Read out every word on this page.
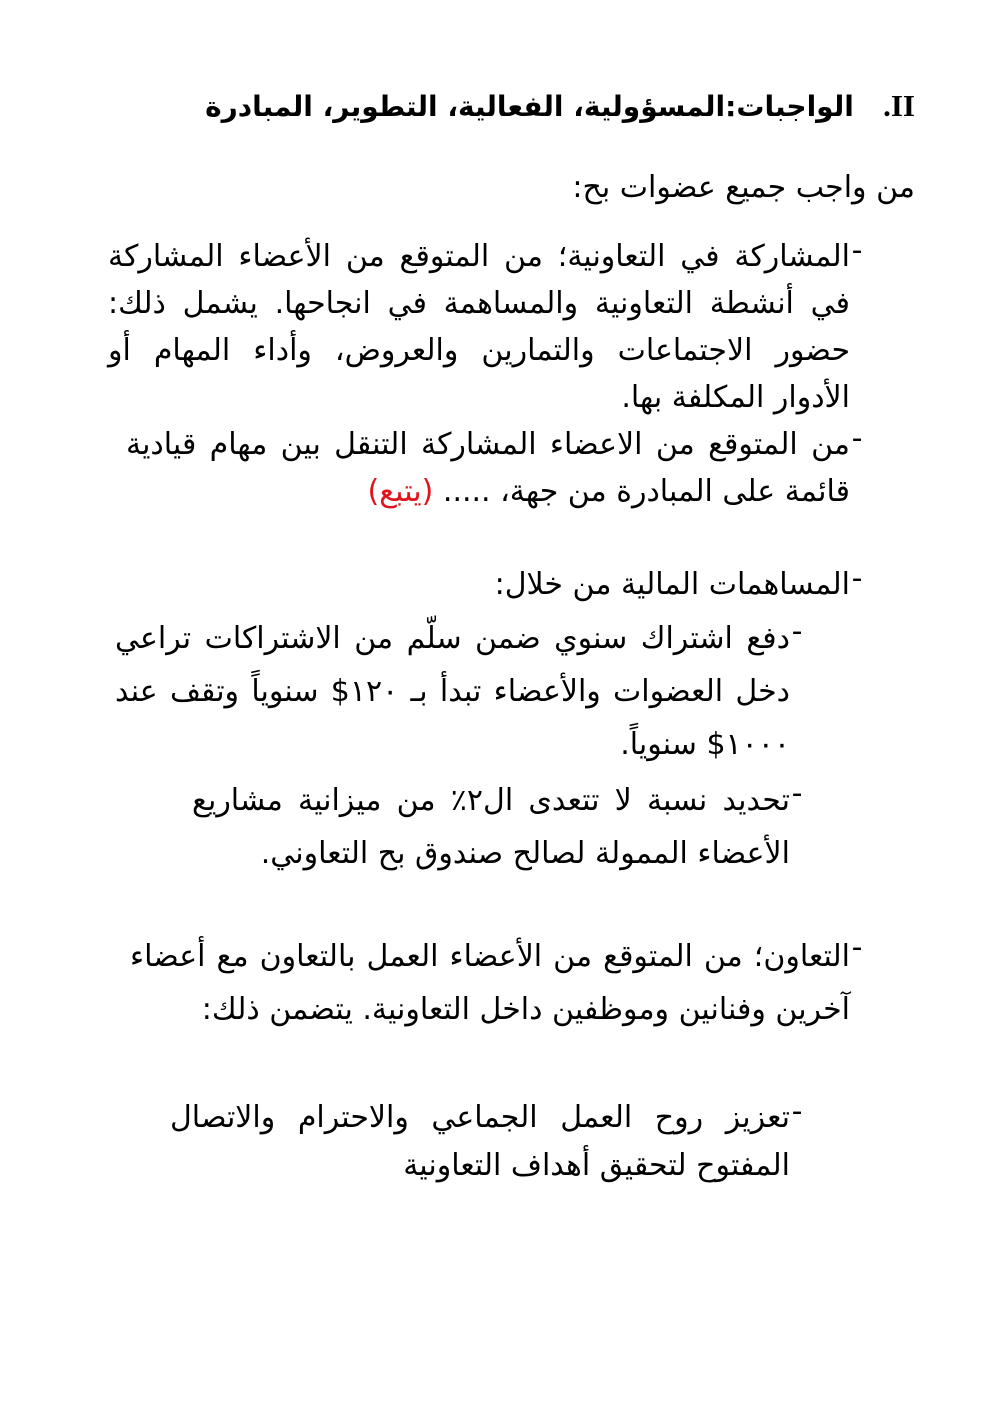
II.   الواجبات:المسؤولية، الفعالية، التطوير، المبادرة
من واجب جميع عضوات بح:
-
المشاركة في التعاونية؛ من المتوقع من الأعضاء المشاركة في أنشطة التعاونية والمساهمة في انجاحها. يشمل ذلك: حضور الاجتماعات والتمارين والعروض، وأداء المهام أو الأدوار المكلفة بها.
-
من المتوقع من الاعضاء المشاركة التنقل بين مهام قيادية قائمة على المبادرة من جهة، ..... (يتبع)
-
المساهمات المالية من خلال:
-
دفع اشتراك سنوي ضمن سلّم من الاشتراكات تراعي دخل العضوات والأعضاء تبدأ بـ ١٢٠$ سنوياً وتقف عند ١٠٠٠$ سنوياً.
-
تحديد نسبة لا تتعدى ال٢٪ من ميزانية مشاريع الأعضاء الممولة لصالح صندوق بح التعاوني.
-
التعاون؛ من المتوقع من الأعضاء العمل بالتعاون مع أعضاء آخرين وفنانين وموظفين داخل التعاونية. يتضمن ذلك:
-
تعزيز روح العمل الجماعي والاحترام والاتصال المفتوح لتحقيق أهداف التعاونية
